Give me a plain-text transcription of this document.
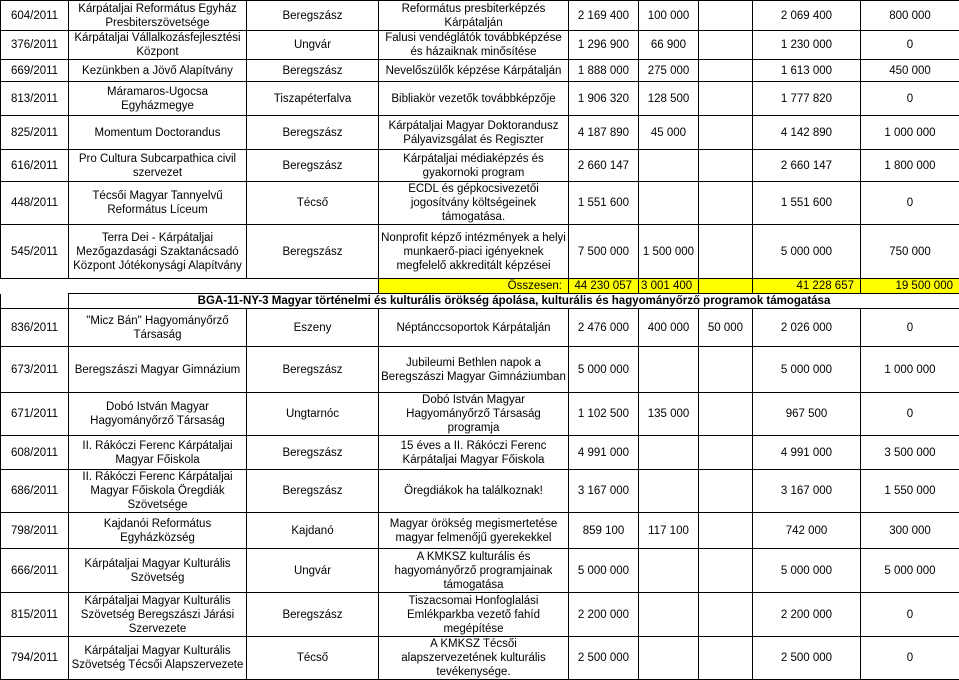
604/2011	Kárpátaljai Református Egyház Presbiterszövetsége	Beregszász	Református presbiterképzés Kárpátalján	2 169 400	100 000		2 069 400	800 000
376/2011	Kárpátaljai Vállalkozásfejlesztési Központ	Ungvár	Falusi vendéglátók továbbképzése és házaiknak minősítése	1 296 900	66 900		1 230 000	0
669/2011	Kezünkben a Jövő Alapítvány	Beregszász	Nevelőszülők képzése Kárpátalján	1 888 000	275 000		1 613 000	450 000
813/2011	Máramaros-Ugocsa Egyházmegye	Tiszapéterfalva	Bibliakör vezetők továbbképzője	1 906 320	128 500		1 777 820	0
825/2011	Momentum Doctorandus	Beregszász	Kárpátaljai Magyar Doktorandusz Pályavizsgálat és Regiszter	4 187 890	45 000		4 142 890	1 000 000
616/2011	Pro Cultura Subcarpathica civil szervezet	Beregszász	Kárpátaljai médiaképzés és gyakornoki program	2 660 147			2 660 147	1 800 000
448/2011	Técsői Magyar Tannyelvű Református Líceum	Técső	ECDL és gépkocsivezetői jogosítvány költségeinek támogatása.	1 551 600			1 551 600	0
545/2011	Terra Dei - Kárpátaljai Mezőgazdasági Szaktanácsadó Központ Jótékonysági Alapítvány	Beregszász	Nonprofit képző intézmények a helyi munkaerő-piaci igényeknek megfelelő akkreditált képzései	7 500 000	1 500 000		5 000 000	750 000
			Összesen:	44 230 057	3 001 400		41 228 657	19 500 000
	BGA-11-NY-3 Magyar történelmi és kulturális örökség ápolása, kulturális és hagyományőrző programok támogatása							
836/2011	"Micz Bán" Hagyományőrző Társaság	Eszeny	Néptánccsoportok Kárpátalján	2 476 000	400 000	50 000	2 026 000	0
673/2011	Beregszászi Magyar Gimnázium	Beregszász	Jubileumi Bethlen napok a Beregszászi Magyar Gimnáziumban	5 000 000			5 000 000	1 000 000
671/2011	Dobó István Magyar Hagyományőrző Társaság	Ungtarnóc	Dobó István Magyar Hagyományőrző Társaság programja	1 102 500	135 000		967 500	0
608/2011	II. Rákóczi Ferenc Kárpátaljai Magyar Főiskola	Beregszász	15 éves a II. Rákóczi Ferenc Kárpátaljai Magyar Főiskola	4 991 000			4 991 000	3 500 000
686/2011	II. Rákóczi Ferenc Kárpátaljai Magyar Főiskola Öregdiák Szövetsége	Beregszász	Öregdiákok ha találkoznak!	3 167 000			3 167 000	1 550 000
798/2011	Kajdanói Református Egyházközség	Kajdanó	Magyar örökség megismertetése magyar felmenőjű gyerekekkel	859 100	117 100		742 000	300 000
666/2011	Kárpátaljai Magyar Kulturális Szövetség	Ungvár	A KMKSZ kulturális és hagyományőrző programjainak támogatása	5 000 000			5 000 000	5 000 000
815/2011	Kárpátaljai Magyar Kulturális Szövetség Beregszászi Járási Szervezete	Beregszász	Tiszacsomai Honfoglalási Emlékparkba vezető fahíd megépítése	2 200 000			2 200 000	0
794/2011	Kárpátaljai Magyar Kulturális Szövetség Técsői Alapszervezete	Técső	A KMKSZ Técsői alapszervezetének kulturális tevékenysége.	2 500 000			2 500 000	0
